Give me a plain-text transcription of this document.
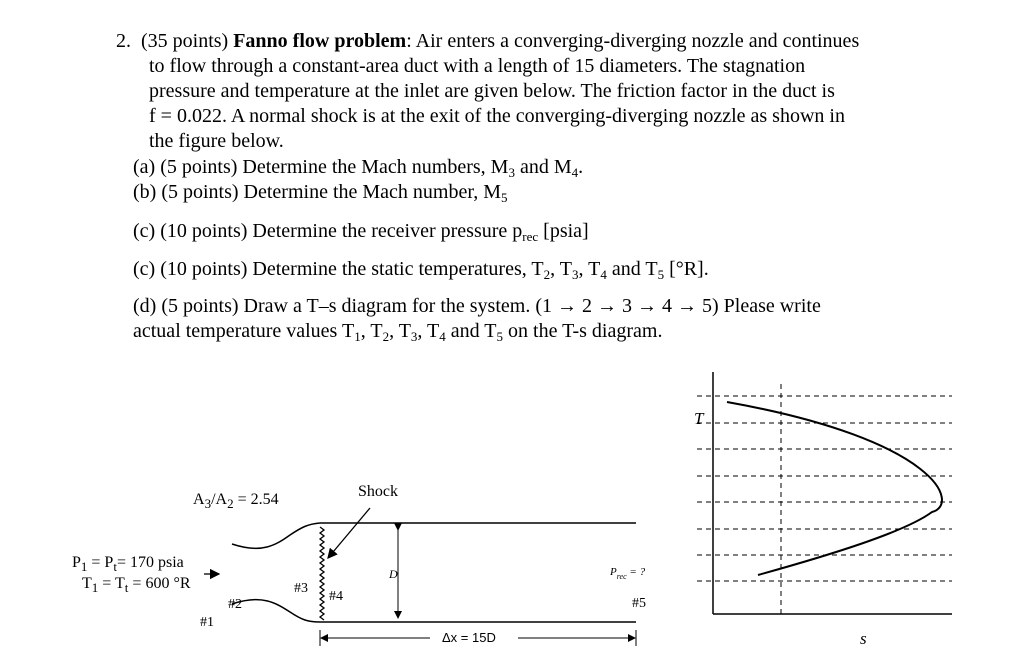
2. (35 points) Fanno flow problem: Air enters a converging-diverging nozzle and continues

to flow through a constant-area duct with a length of 15 diameters. The stagnation

pressure and temperature at the inlet are given below. The friction factor in the duct is

f = 0.022. A normal shock is at the exit of the converging-diverging nozzle as shown in

the figure below.

(a) (5 points) Determine the Mach numbers, $M_3$ and $M_4$.

(b) (5 points) Determine the Mach number, $M_5$

(c) (10 points) Determine the receiver pressure $p_{rec}$ [psia]

(c) (10 points) Determine the static temperatures, $T_2$, $T_3$, $T_4$ and $T_5$ [°R].

(d) (5 points) Draw a T–s diagram for the system. (1 → 2 → 3 → 4 → 5) Please write

actual temperature values $T_1$, $T_2$, $T_3$, $T_4$ and $T_5$ on the T-s diagram.

$A_3/A_2 = 2.54$	Shock
$P_1 = P_t= 170$ psia
$T_1 = T_t = 600$ °R
#1
#2
#3
#4	#5
D	$P_{rec}$ = ?
Δx = 15D
T
s
